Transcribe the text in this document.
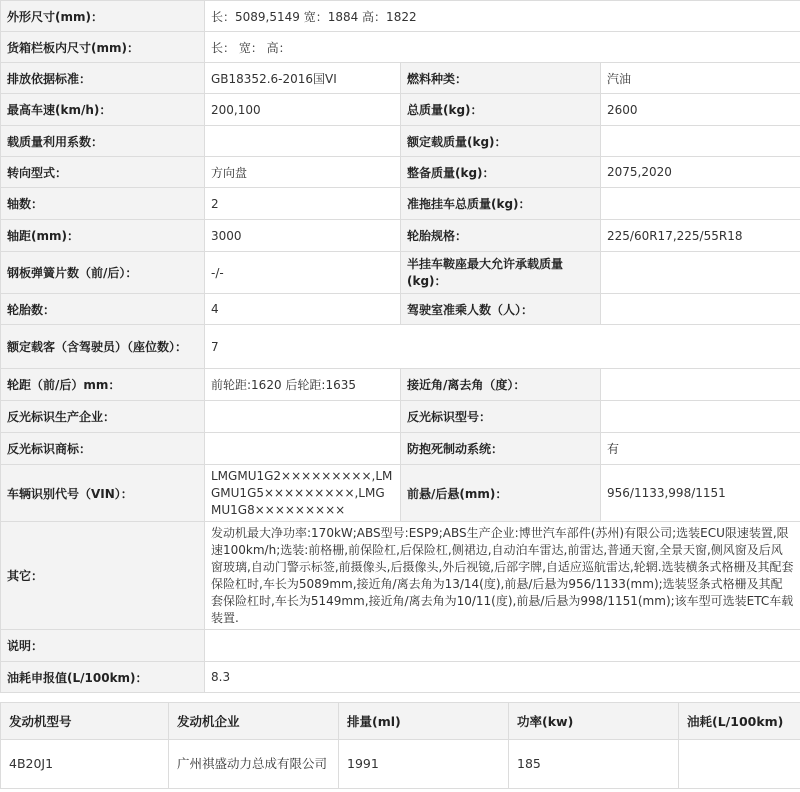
外形尺寸(mm)：	长：5089,5149 宽：1884 高：1822		
货箱栏板内尺寸(mm)：	长： 宽： 高：		
排放依据标准：	GB18352.6-2016国VI	燃料种类：	汽油
最高车速(km/h)：	200,100	总质量(kg)：	2600
载质量利用系数：		额定载质量(kg)：	
转向型式：	方向盘	整备质量(kg)：	2075,2020
轴数：	2	准拖挂车总质量(kg)：	
轴距(mm)：	3000	轮胎规格：	225/60R17,225/55R18
钢板弹簧片数（前/后）：	-/-	半挂车鞍座最大允许承载质量(kg)：	
轮胎数：	4	驾驶室准乘人数（人）：	
额定载客（含驾驶员）（座位数）：	7		
轮距（前/后）mm：	前轮距:1620 后轮距:1635	接近角/离去角（度）：	
反光标识生产企业：		反光标识型号：	
反光标识商标：		防抱死制动系统：	有
车辆识别代号（VIN）：	LMGMU1G2×××××××××,LMGMU1G5×××××××××,LMGMU1G8×××××××××	前悬/后悬(mm)：	956/1133,998/1151
其它：	发动机最大净功率:170kW;ABS型号:ESP9;ABS生产企业:博世汽车部件(苏州)有限公司;选装ECU限速装置,限速100km/h;选装:前格栅,前保险杠,后保险杠,侧裙边,自动泊车雷达,前雷达,普通天窗,全景天窗,侧风窗及后风窗玻璃,自动门警示标签,前摄像头,后摄像头,外后视镜,后部字牌,自适应巡航雷达,轮辋.选装横条式格栅及其配套保险杠时,车长为5089mm,接近角/离去角为13/14(度),前悬/后悬为956/1133(mm);选装竖条式格栅及其配套保险杠时,车长为5149mm,接近角/离去角为10/11(度),前悬/后悬为998/1151(mm);该车型可选装ETC车载装置.		
说明：			
油耗申报值(L/100km)：	8.3		
发动机型号	发动机企业	排量(ml)	功率(kw)	油耗(L/100km)
4B20J1	广州祺盛动力总成有限公司	1991	185	
